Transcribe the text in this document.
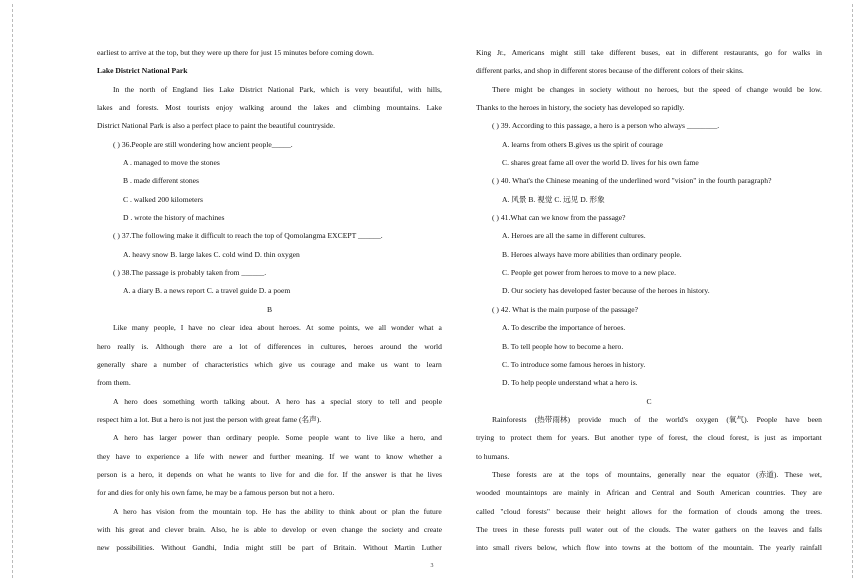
earliest to arrive at the top, but they were up there for just 15 minutes before coming down.
Lake District National Park
In the north of England lies Lake District National Park, which is very beautiful, with hills,
lakes and forests. Most tourists enjoy walking around the lakes and climbing mountains. Lake
District National Park is also a perfect place to paint the beautiful countryside.
( ) 36.People are still wondering how ancient people_____.
A . managed to move the stones
B . made different stones
C . walked 200 kilometers
D . wrote the history of machines
( ) 37.The following make it difficult to reach the top of Qomolangma EXCEPT ______.
A. heavy snow B. large lakes C. cold wind D. thin oxygen
( ) 38.The passage is probably taken from ______.
A. a diary B. a news report C. a travel guide D. a poem
B
Like many people, I have no clear idea about heroes. At some points, we all wonder what a
hero really is. Although there are a lot of differences in cultures, heroes around the world
generally share a number of characteristics which give us courage and make us want to learn
from them.
A hero does something worth talking about. A hero has a special story to tell and people
respect him a lot. But a hero is not just the person with great fame (名声).
A hero has larger power than ordinary people. Some people want to live like a hero, and
they have to experience a life with newer and further meaning. If we want to know whether a
person is a hero, it depends on what he wants to live for and die for. If the answer is that he lives
for and dies for only his own fame, he may be a famous person but not a hero.
A hero has vision from the mountain top. He has the ability to think about or plan the future
with his great and clever brain. Also, he is able to develop or even change the society and create
new possibilities. Without Gandhi, India might still be part of Britain. Without Martin Luther
King Jr., Americans might still take different buses, eat in different restaurants, go for walks in
different parks, and shop in different stores because of the different colors of their skins.
There might be changes in society without no heroes, but the speed of change would be low.
Thanks to the heroes in history, the society has developed so rapidly.
( ) 39. According to this passage, a hero is a person who always ________.
A. learns from others B.gives us the spirit of courage
C. shares great fame all over the world D. lives for his own fame
( ) 40. What's the Chinese meaning of the underlined word "vision" in the fourth paragraph?
A. 风景 B. 視觉 C. 远见 D. 形象
( ) 41.What can we know from the passage?
A. Heroes are all the same in different cultures.
B. Heroes always have more abilities than ordinary people.
C. People get power from heroes to move to a new place.
D. Our society has developed faster because of the heroes in history.
( ) 42. What is the main purpose of the passage?
A. To describe the importance of heroes.
B. To tell people how to become a hero.
C. To introduce some famous heroes in history.
D. To help people understand what a hero is.
C
Rainforests (热带雨林) provide much of the world's oxygen (氧气). People have been
trying to protect them for years. But another type of forest, the cloud forest, is just as important
to humans.
These forests are at the tops of mountains, generally near the equator (赤道). These wet,
wooded mountaintops are mainly in African and Central and South American countries. They are
called "cloud forests" because their height allows for the formation of clouds among the trees.
The trees in these forests pull water out of the clouds. The water gathers on the leaves and falls
into small rivers below, which flow into towns at the bottom of the mountain. The yearly rainfall
3
